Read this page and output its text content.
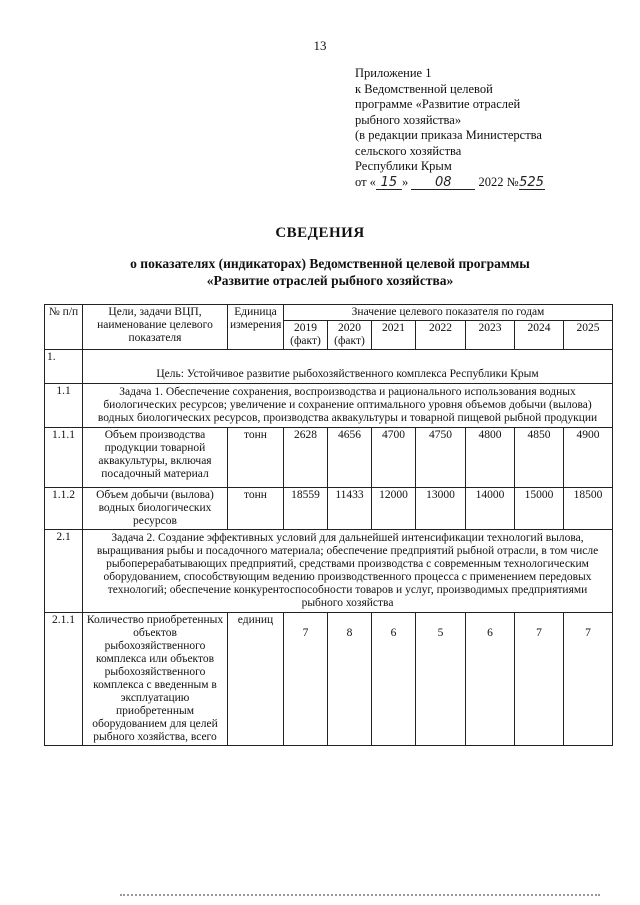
13
Приложение 1
к Ведомственной целевой
программе «Развитие отраслей
рыбного хозяйства»
(в редакции приказа Министерства
сельского хозяйства
Республики Крым
от « 15 » 08 2022 №525
СВЕДЕНИЯ
о показателях (индикаторах) Ведомственной целевой программы
«Развитие отраслей рыбного хозяйства»
№ п/п	Цели, задачи ВЦП, наименование целевого показателя	Единица измерения	Значение целевого показателя по годам						
			2019 (факт)	2020 (факт)	2021	2022	2023	2024	2025
1.	Цель: Устойчивое развитие рыбохозяйственного комплекса Республики Крым								
1.1	Задача 1. Обеспечение сохранения, воспроизводства и рационального использования водных биологических ресурсов; увеличение и сохранение оптимального уровня объемов добычи (вылова) водных биологических ресурсов, производства аквакультуры и товарной пищевой рыбной продукции								
1.1.1	Объем производства продукции товарной аквакультуры, включая посадочный материал	тонн	2628	4656	4700	4750	4800	4850	4900
1.1.2	Объем добычи (вылова) водных биологических ресурсов	тонн	18559	11433	12000	13000	14000	15000	18500
2.1	Задача 2. Создание эффективных условий для дальнейшей интенсификации технологий вылова, выращивания рыбы и посадочного материала; обеспечение предприятий рыбной отрасли, в том числе рыбоперерабатывающих предприятий, средствами производства с современным технологическим оборудованием, способствующим ведению производственного процесса с применением передовых технологий; обеспечение конкурентоспособности товаров и услуг, производимых предприятиями рыбного хозяйства								
2.1.1	Количество приобретенных объектов рыбохозяйственного комплекса или объектов рыбохозяйственного комплекса с введенным в эксплуатацию приобретенным оборудованием для целей рыбного хозяйства, всего	единиц	7	8	6	5	6	7	7
